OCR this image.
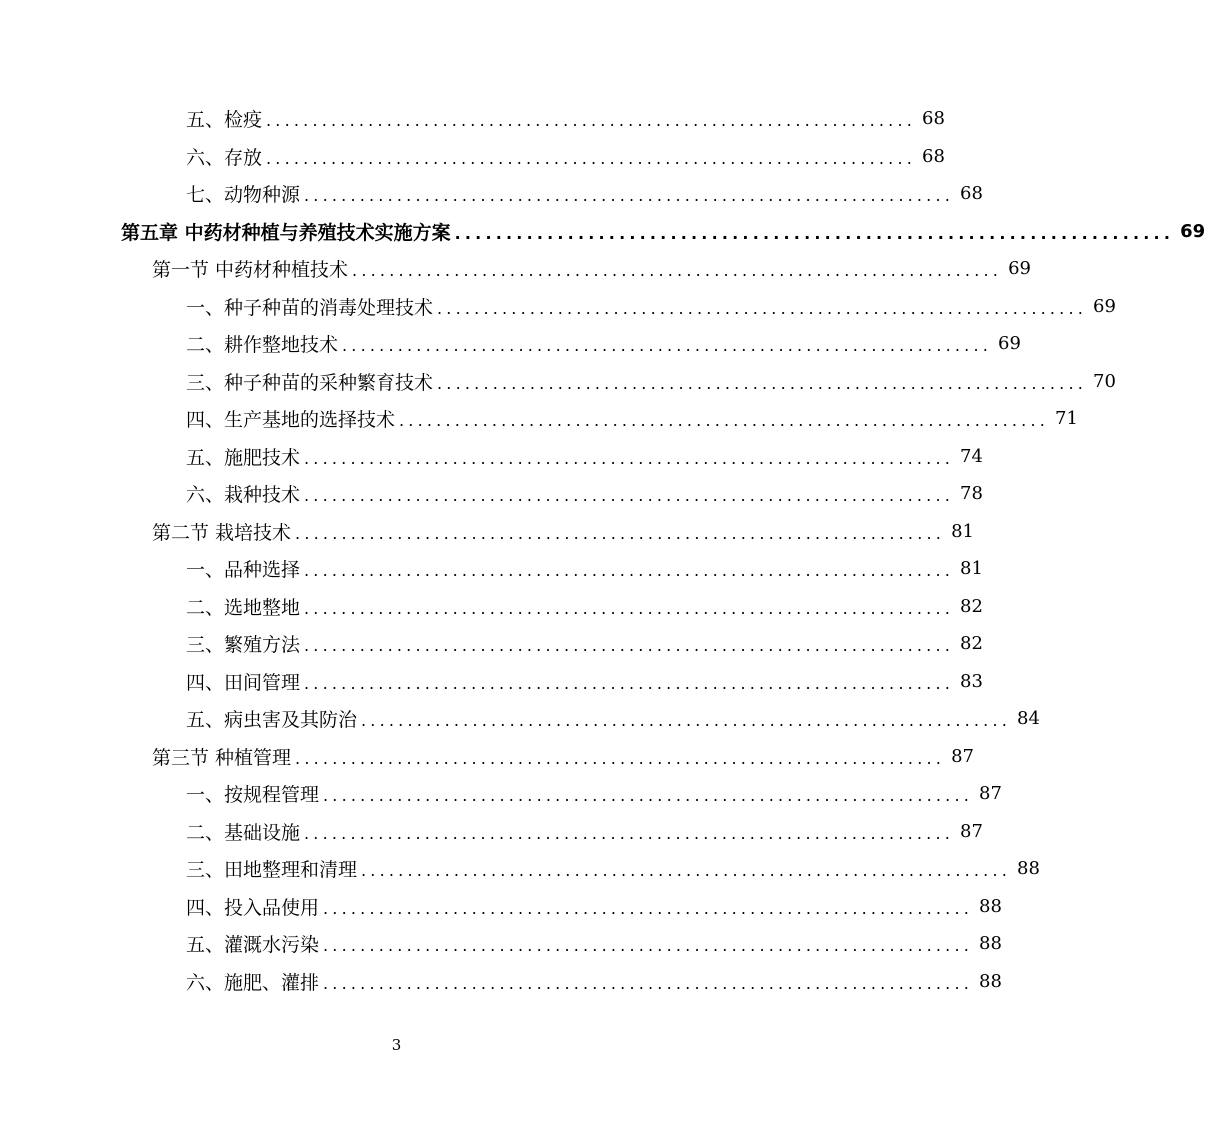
五、检疫 ...................................................................... 68
六、存放 ...................................................................... 68
七、动物种源 ...................................................................... 68
第五章 中药材种植与养殖技术实施方案 ...................................................................... 69
第一节 中药材种植技术 ...................................................................... 69
一、种子种苗的消毒处理技术 ...................................................................... 69
二、耕作整地技术 ...................................................................... 69
三、种子种苗的采种繁育技术 ...................................................................... 70
四、生产基地的选择技术 ...................................................................... 71
五、施肥技术 ...................................................................... 74
六、栽种技术 ...................................................................... 78
第二节 栽培技术 ...................................................................... 81
一、品种选择 ...................................................................... 81
二、选地整地 ...................................................................... 82
三、繁殖方法 ...................................................................... 82
四、田间管理 ...................................................................... 83
五、病虫害及其防治 ...................................................................... 84
第三节 种植管理 ...................................................................... 87
一、按规程管理 ...................................................................... 87
二、基础设施 ...................................................................... 87
三、田地整理和清理 ...................................................................... 88
四、投入品使用 ...................................................................... 88
五、灌溉水污染 ...................................................................... 88
六、施肥、灌排 ...................................................................... 88
3
